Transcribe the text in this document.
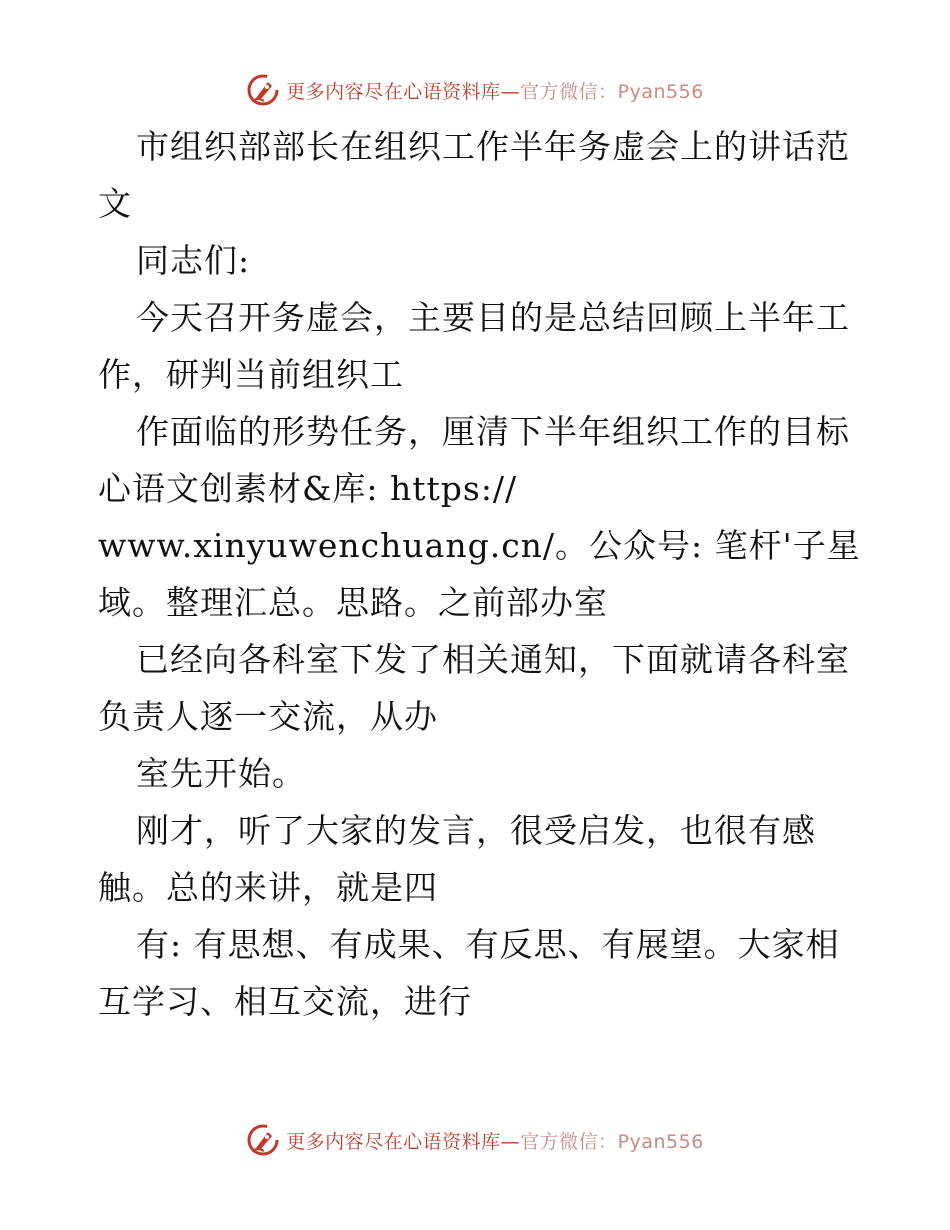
更多内容尽在心语资料库—官方微信：Pyan556
市组织部部长在组织工作半年务虚会上的讲话范
文
同志们:
今天召开务虚会，主要目的是总结回顾上半年工
作，研判当前组织工
作面临的形势任务，厘清下半年组织工作的目标
心语文创素材&库: https://
www.xinyuwenchuang.cn/。公众号: 笔杆'子星
域。整理汇总。思路。之前部办室
已经向各科室下发了相关通知，下面就请各科室
负责人逐一交流，从办
室先开始。
刚才，听了大家的发言，很受启发，也很有感
触。总的来讲，就是四
有: 有思想、有成果、有反思、有展望。大家相
互学习、相互交流，进行
更多内容尽在心语资料库—官方微信：Pyan556
